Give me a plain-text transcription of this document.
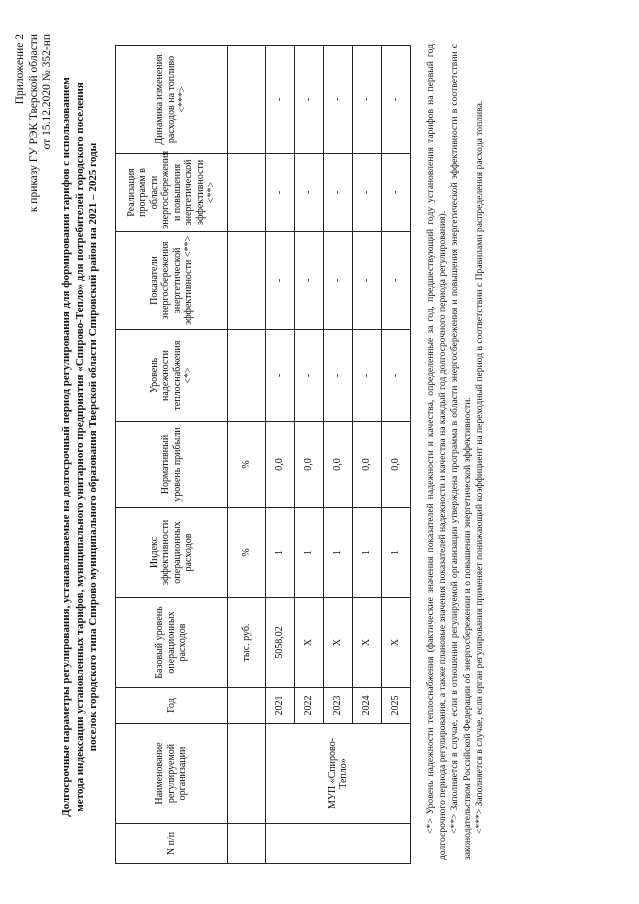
Приложение 2 к приказу ГУ РЭК Тверской области от 15.12.2020 № 352-нп Долгосрочные параметры регулирования, устанавливаемые на долгосрочный период регулирования для формирования тарифов с использованием метода индексации установленных тарифов, муниципального унитарного предприятия «Спирово-Тепло» для потребителей городского поселения поселок городского типа Спирово муниципального образования Тверской области Спировский район на 2021 – 2025 годы
N п/п	Наименование регулируемой организации	Год	Базовый уровень операционных расходов	Индекс эффективности операционных расходов	Нормативный уровень прибыли	Уровень надежности теплоснабжения <*>	Показатели энергосбережения энергетической эффективности <**>	Реализация программ в области энергосбережения и повышения энергетической эффективности <**>	Динамика изменения расходов на топливо <***>
			тыс. руб.	%	%				
	МУП «Спирово-Тепло»	2021	5058,02	1	0,0	-	-	-	-
		2022	X	1	0,0	-	-	-	-
		2023	X	1	0,0	-	-	-	-
		2024	X	1	0,0	-	-	-	-
		2025	X	1	0,0	-	-	-	- <*> Уровень надежности теплоснабжения (фактические значения показателей надежности и качества, определенные за год, предшествующий году установления тарифов на первый год долгосрочного периода регулирования, а также плановые значения показателей надежности и качества на каждый год долгосрочного периода регулирования). <**> Заполняется в случае, если в отношении регулируемой организации утверждена программа в области энергосбережения и повышения энергетической эффективности в соответствии с законодательством Российской Федерации об энергосбережении и о повышении энергетической эффективности. <***> Заполняется в случае, если орган регулирования применяет понижающий коэффициент на переходный период в соответствии с Правилами распределения расхода топлива.
